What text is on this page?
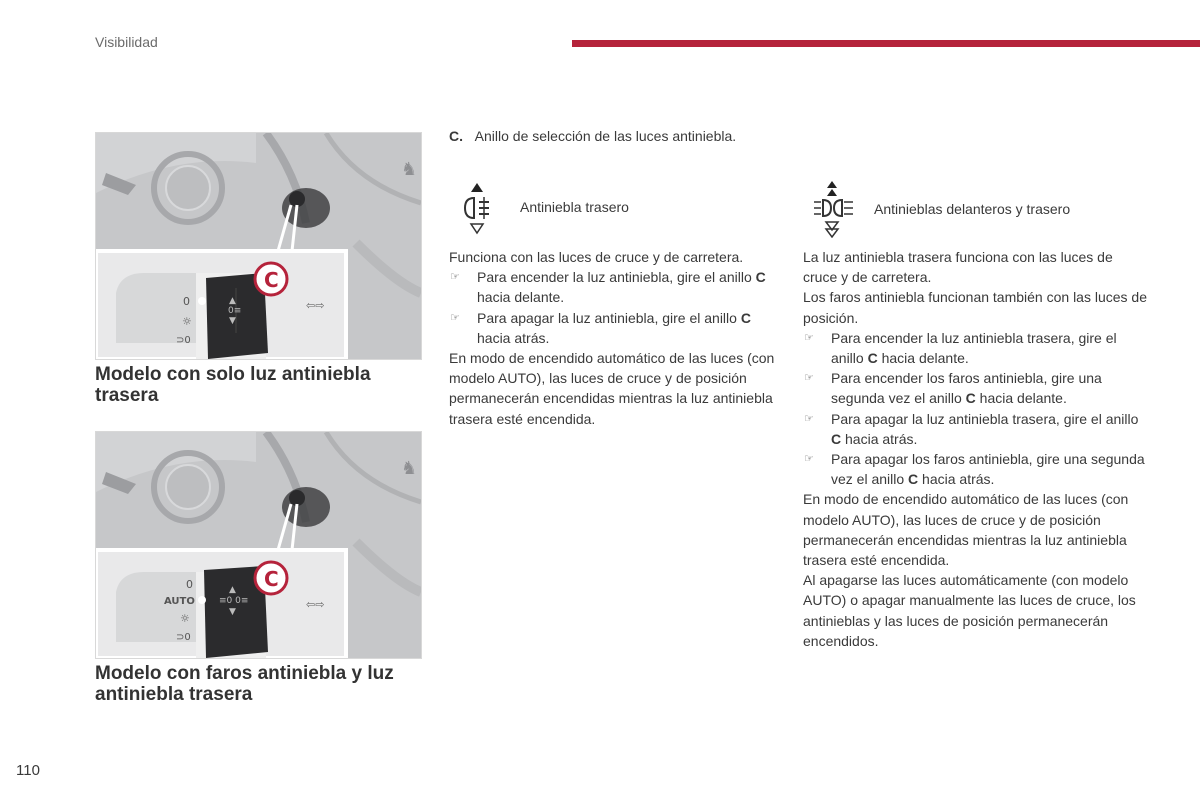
Visibilidad
♞
0
☼
⊃0
▲
0≡
▼
⇦⇨
C
Modelo con solo luz antiniebla trasera
♞
0
AUTO
☼
⊃0
▲
≡0 0≡
▼
⇦⇨
C
Modelo con faros antiniebla y luz antiniebla trasera
C. Anillo de selección de las luces antiniebla.
Antiniebla trasero	Antinieblas delanteros y trasero

Funciona con las luces de cruce y de carretera.

☞ Para encender la luz antiniebla, gire el anillo C hacia delante.
☞ Para apagar la luz antiniebla, gire el anillo C hacia atrás.

En modo de encendido automático de las luces (con modelo AUTO), las luces de cruce y de posición permanecerán encendidas mientras la luz antiniebla trasera esté encendida.

La luz antiniebla trasera funciona con las luces de cruce y de carretera.

Los faros antiniebla funcionan también con las luces de posición.

☞ Para encender la luz antiniebla trasera, gire el anillo C hacia delante.
☞ Para encender los faros antiniebla, gire una segunda vez el anillo C hacia delante.
☞ Para apagar la luz antiniebla trasera, gire el anillo C hacia atrás.
☞ Para apagar los faros antiniebla, gire una segunda vez el anillo C hacia atrás.

En modo de encendido automático de las luces (con modelo AUTO), las luces de cruce y de posición permanecerán encendidas mientras la luz antiniebla trasera esté encendida.

Al apagarse las luces automáticamente (con modelo AUTO) o apagar manualmente las luces de cruce, los antinieblas y las luces de posición permanecerán encendidos.

110
